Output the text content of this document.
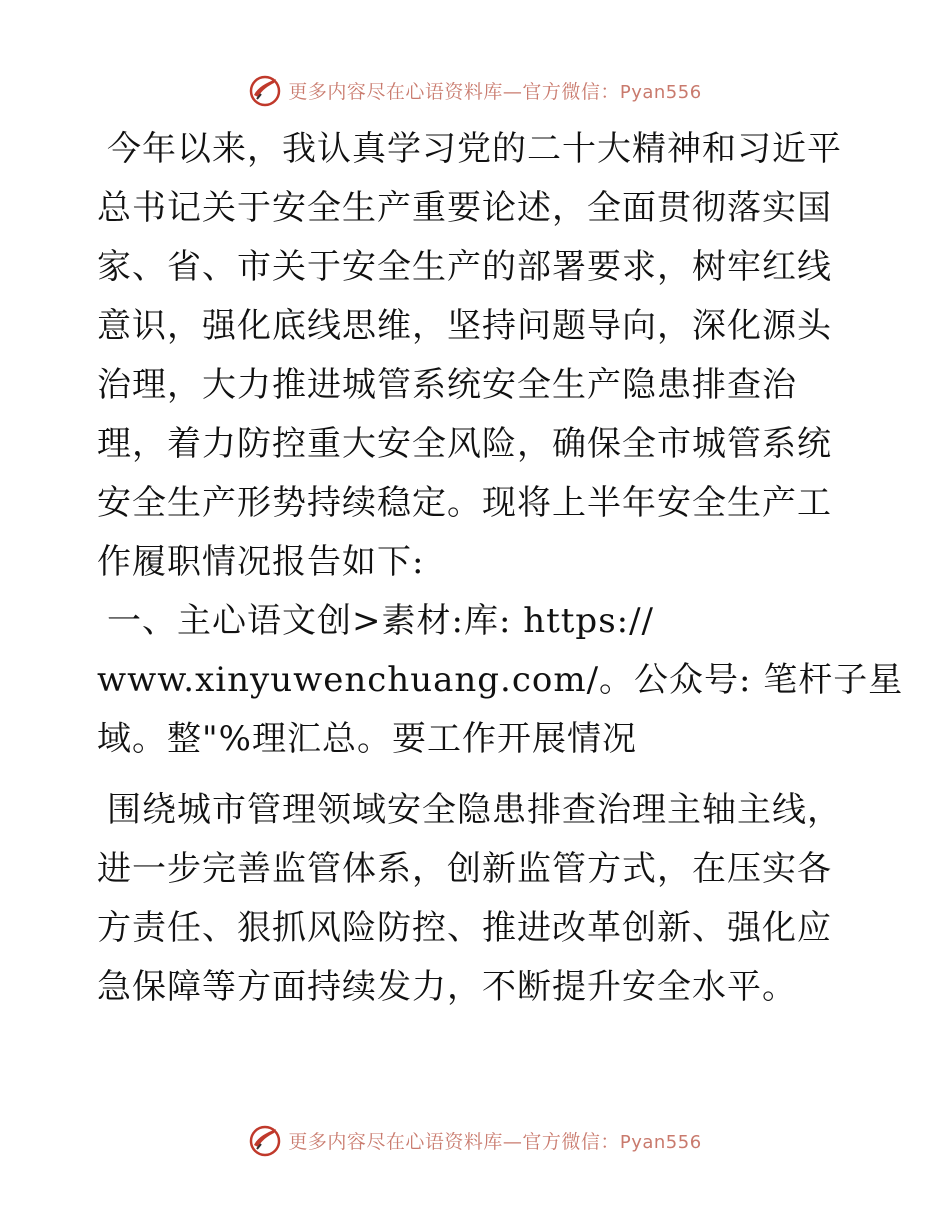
更多内容尽在心语资料库—官方微信：Pyan556

今年以来，我认真学习党的二十大精神和习近平总书记关于安全生产重要论述，全面贯彻落实国家、省、市关于安全生产的部署要求，树牢红线意识，强化底线思维，坚持问题导向，深化源头治理，大力推进城管系统安全生产隐患排查治理，着力防控重大安全风险，确保全市城管系统安全生产形势持续稳定。现将上半年安全生产工作履职情况报告如下:

一、主心语文创>素材:库: https://
www.xinyuwenchuang.com/。公众号: 笔杆子星
域。整"%理汇总。要工作开展情况

围绕城市管理领域安全隐患排查治理主轴主线，进一步完善监管体系，创新监管方式，在压实各方责任、狠抓风险防控、推进改革创新、强化应急保障等方面持续发力，不断提升安全水平。

更多内容尽在心语资料库—官方微信：Pyan556
